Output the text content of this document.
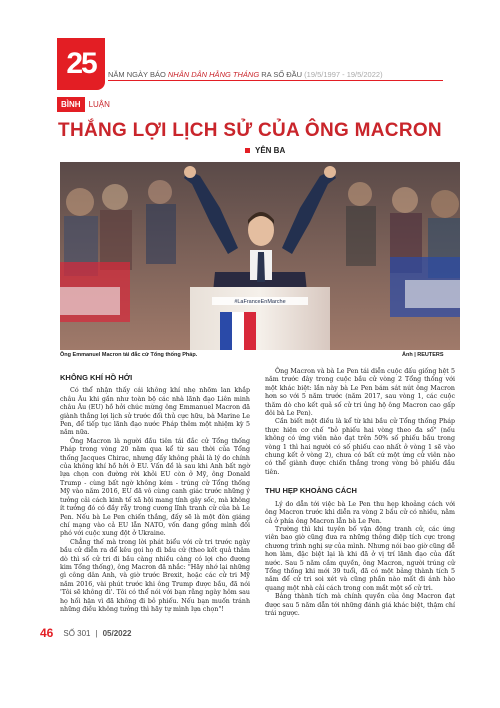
25 NĂM NGÀY BÁO NHÂN DÂN HẰNG THÁNG RA SỐ ĐẦU (19/5/1997 - 19/5/2022)
BÌNH	LUẬN
THẮNG LỢI LỊCH SỬ CỦA ÔNG MACRON
YÊN BA
#LaFranceEnMarche
Ông Emmanuel Macron tái đắc cử Tổng thống Pháp.	Ảnh | REUTERS
KHÔNG KHÍ HỒ HỞI

Có thể nhận thấy cái không khí nhẹ nhõm lan khắp châu Âu khi gần như toàn bộ các nhà lãnh đạo Liên minh châu Âu (EU) hồ hởi chúc mừng ông Emmanuel Macron đã giành thắng lợi lịch sử trước đối thủ cực hữu, bà Marine Le Pen, để tiếp tục lãnh đạo nước Pháp thêm một nhiệm kỳ 5 năm nữa.

Ông Macron là người đầu tiên tái đắc cử Tổng thống Pháp trong vòng 20 năm qua kể từ sau thời của Tổng thống Jacques Chirac, nhưng đấy không phải là lý do chính của không khí hồ hởi ở EU. Vấn đề là sau khi Anh bất ngờ lựa chọn con đường rời khỏi EU còn ở Mỹ, ông Donald Trump - cùng bất ngờ không kém - trúng cử Tổng thống Mỹ vào năm 2016, EU đã vô cùng canh giác trước những ý tưởng cải cách kinh tế xã hội mang tính gây sốc, mà không ít tưởng đó có đầy rẫy trong cương lĩnh tranh cử của bà Le Pen. Nếu bà Le Pen chiến thắng, đấy sẽ là một đòn giáng chí mạng vào cả EU lẫn NATO, vốn đang gồng mình đối phó với cuộc xung đột ở Ukraine.

Chẳng thế mà trong lời phát biểu với cử tri trước ngày bầu cử diễn ra để kêu gọi họ đi bầu cử (theo kết quả thăm dò thì số cử tri đi bầu càng nhiều càng có lợi cho đương kim Tổng thống), ông Macron đã nhắc: "Hãy nhớ lại những gì công dân Anh, và giờ trước Brexit, hoặc các cử tri Mỹ năm 2016, vài phút trước khi ông Trump được bầu, đã nói 'Tôi sẽ không đi'. Tôi có thể nói với bạn rằng ngày hôm sau họ hối hận vì đã không đi bỏ phiếu. Nếu bạn muốn tránh những điều không tưởng thì hãy tự mình lựa chọn"!

Ông Macron và bà Le Pen tái diễn cuộc đấu giống hệt 5 năm trước đây trong cuộc bầu cử vòng 2 Tổng thống với một khác biệt: lần này bà Le Pen bám sát nút ông Macron hơn so với 5 năm trước (năm 2017, sau vòng 1, các cuộc thăm dò cho kết quả số cử tri ủng hộ ông Macron cao gấp đôi bà Le Pen).

Cần biết một điều là kể từ khi bầu cử Tổng thống Pháp thực hiện cơ chế "bỏ phiếu hai vòng theo đa số" (nếu không có ứng viên nào đạt trên 50% số phiếu bầu trong vòng 1 thì hai người có số phiếu cao nhất ở vòng 1 sẽ vào chung kết ở vòng 2), chưa có bất cứ một ứng cử viên nào có thể giành được chiến thắng trong vòng bỏ phiếu đầu tiên.

THU HẸP KHOẢNG CÁCH

Lý do dẫn tới việc bà Le Pen thu hẹp khoảng cách với ông Macron trước khi diễn ra vòng 2 bầu cử có nhiều, nằm cả ở phía ông Macron lẫn bà Le Pen.

Trường thì khi tuyên bố vận động tranh cử, các ứng viên bao giờ cũng đưa ra những thông điệp tích cực trong chương trình nghị sự của mình. Nhưng nói bao giờ cũng dễ hơn làm, đặc biệt lại là khi đã ở vị trí lãnh đạo của đất nước. Sau 5 năm cầm quyền, ông Macron, người trúng cử Tổng thống khi mới 39 tuổi, đã có một bảng thành tích 5 năm để cử tri soi xét và cũng phần nào mất đi ánh hào quang một nhà cải cách trong con mắt một số cử tri.

Bảng thành tích mà chính quyền của ông Macron đạt được sau 5 năm dẫn tới những đánh giá khác biệt, thậm chí trái ngược.

46 SỐ 301 | 05/2022
